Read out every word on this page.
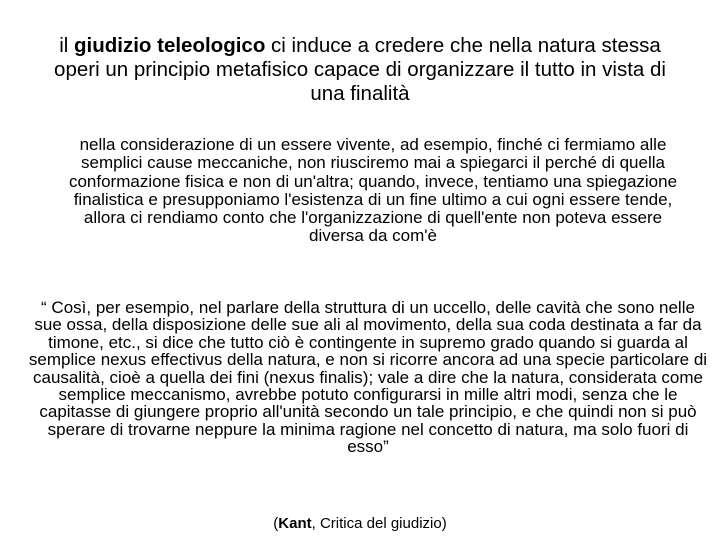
il giudizio teleologico ci induce a credere che nella natura stessa operi un principio metafisico capace di organizzare il tutto in vista di una finalità

nella considerazione di un essere vivente, ad esempio, finché ci fermiamo alle semplici cause meccaniche, non riusciremo mai a spiegarci il perché di quella conformazione fisica e non di un'altra; quando, invece, tentiamo una spiegazione finalistica e presupponiamo l'esistenza di un fine ultimo a cui ogni essere tende, allora ci rendiamo conto che l'organizzazione di quell'ente non poteva essere diversa da com'è

“ Così, per esempio, nel parlare della struttura di un uccello, delle cavità che sono nelle sue ossa, della disposizione delle sue ali al movimento, della sua coda destinata a far da timone, etc., si dice che tutto ciò è contingente in supremo grado quando si guarda al semplice nexus effectivus della natura, e non si ricorre ancora ad una specie particolare di causalità, cioè a quella dei fini (nexus finalis); vale a dire che la natura, considerata come semplice meccanismo, avrebbe potuto configurarsi in mille altri modi, senza che le capitasse di giungere proprio all'unità secondo un tale principio, e che quindi non si può sperare di trovarne neppure la minima ragione nel concetto di natura, ma solo fuori di esso”

(Kant, Critica del giudizio)
